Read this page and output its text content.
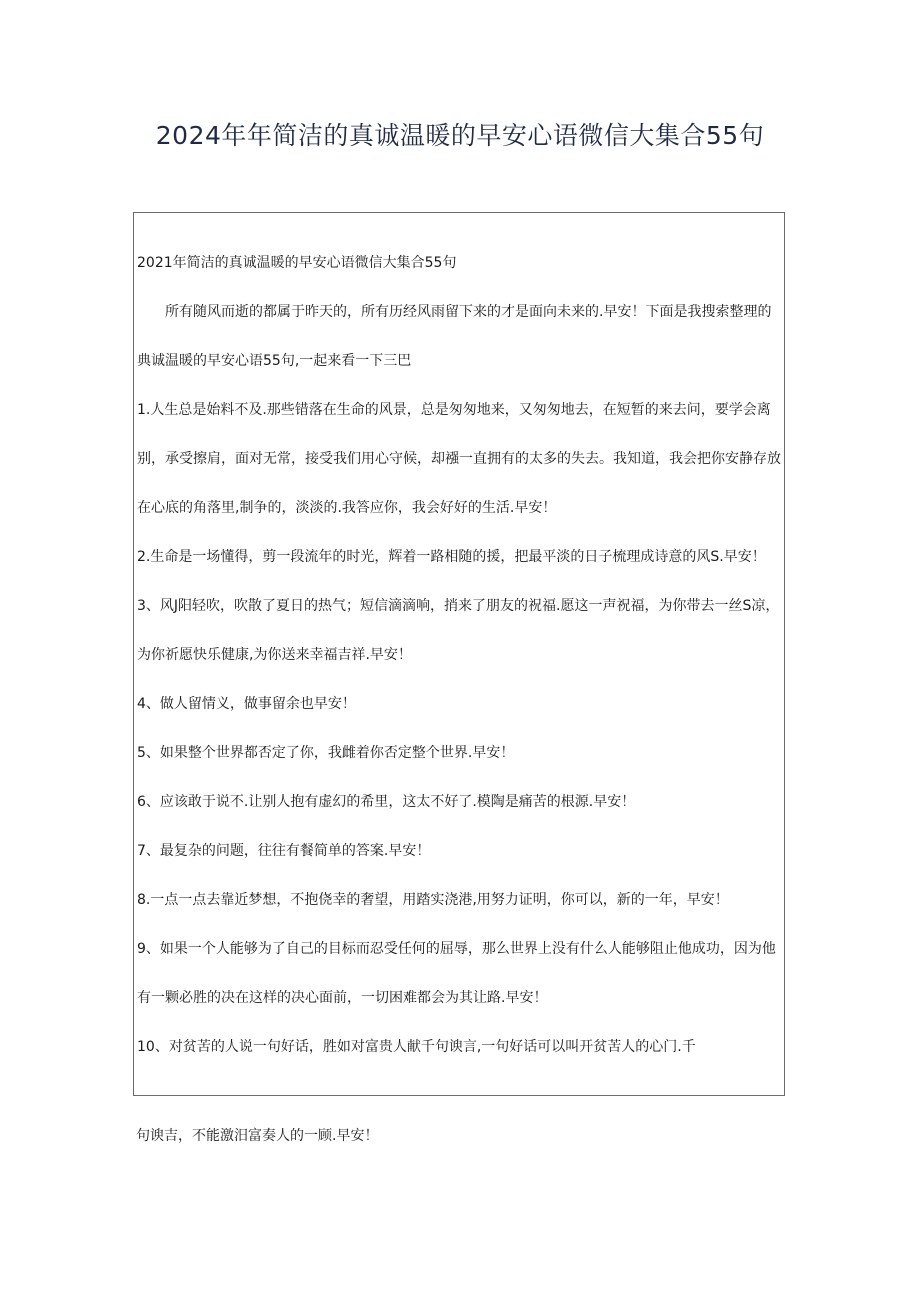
2024年年简洁的真诚温暖的早安心语微信大集合55句

2021年简洁的真诚温暖的早安心语微信大集合55句

所有随风而逝的都属于昨天的，所有历经风雨留下来的才是面向未来的.早安！下面是我搜索整理的典诚温暖的早安心语55句,一起来看一下三巴

1.人生总是始料不及.那些错落在生命的风景，总是匆匆地来，又匆匆地去，在短暂的来去问，要学会离别，承受擦肩，面对无常，接受我们用心守候，却襁一直拥有的太多的失去。我知道，我会把你安静存放在心底的角落里,制争的，淡淡的.我答应你，我会好好的生活.早安！

2.生命是一场懂得，剪一段流年的时光，辉着一路相随的援，把最平淡的日子梳理成诗意的风S.早安！

3、风J阳轻吹，吹散了夏日的热气；短信滴滴响，捎来了朋友的祝福.愿这一声祝福，为你带去一丝S凉，为你祈愿快乐健康,为你送来幸福吉祥.早安！

4、做人留情义，做事留余也早安！

5、如果整个世界都否定了你，我雌着你否定整个世界.早安！

6、应该敢于说不.让别人抱有虚幻的希里，这太不好了.模陶是痛苦的根源.早安！

7、最复杂的问题，往往有餐简单的答案.早安！

8.一点一点去靠近梦想，不抱侥幸的奢望，用踏实浇港,用努力证明，你可以，新的一年，早安！

9、如果一个人能够为了自己的目标而忍受任何的屈辱，那么世界上没有什么人能够阻止他成功，因为他有一颗必胜的决在这样的决心面前，一切困难都会为其让路.早安！

10、对贫苦的人说一句好话，胜如对富贵人献千句谀言,一句好话可以叫开贫苦人的心门.千

句谀吉，不能激汨富奏人的一顾.早安！
